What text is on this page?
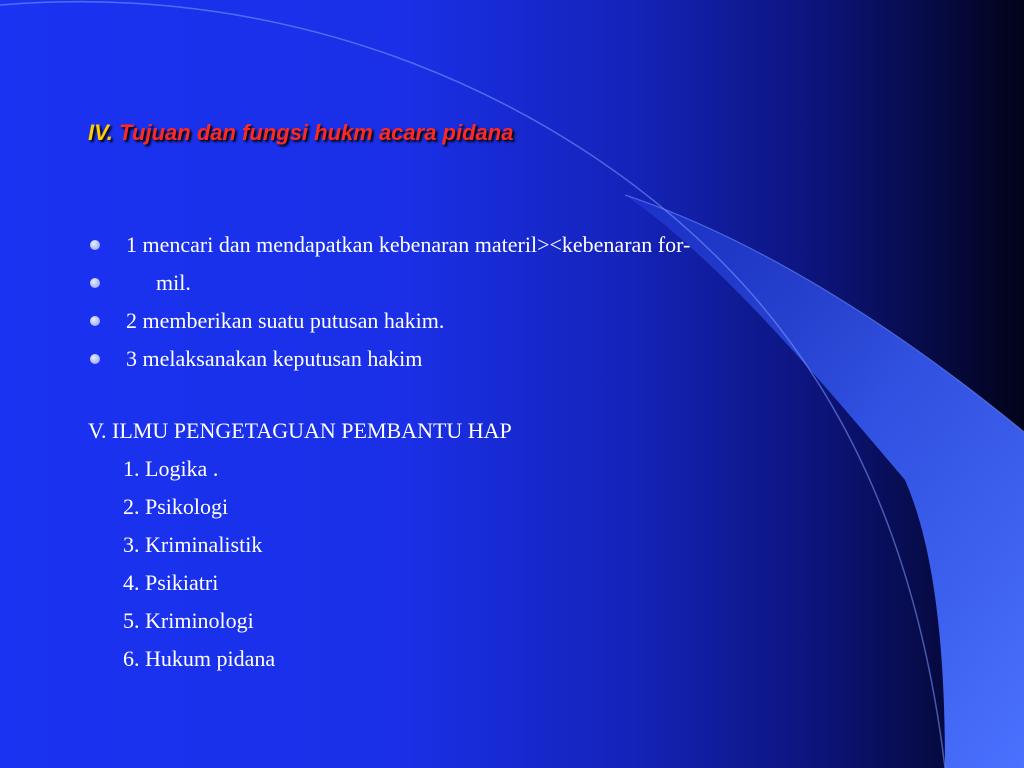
IV. Tujuan dan fungsi hukm acara pidana
1 mencari dan mendapatkan kebenaran materil><kebenaran for-
mil.
2 memberikan suatu putusan hakim.
3 melaksanakan keputusan hakim
V. ILMU PENGETAGUAN PEMBANTU HAP
1. Logika .
2. Psikologi
3. Kriminalistik
4. Psikiatri
5. Kriminologi
6. Hukum pidana
